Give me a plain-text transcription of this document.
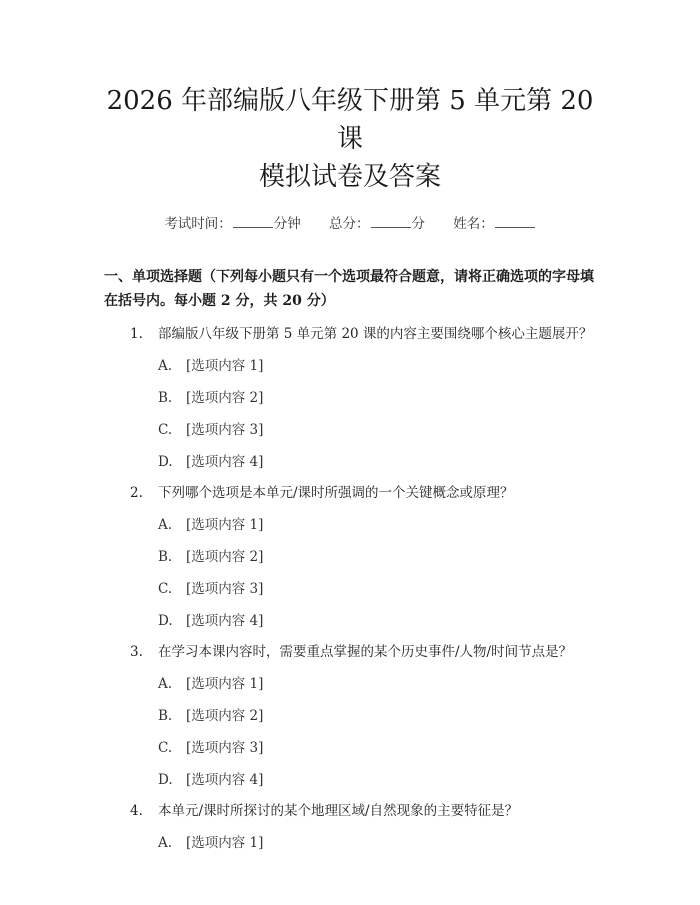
2026 年部编版八年级下册第 5 单元第 20 课
模拟试卷及答案
考试时间：	分钟 总分：	分 姓名：
一、单项选择题（下列每小题只有一个选项最符合题意，请将正确选项的字母填在括号内。每小题 2 分，共 20 分）
1.	部编版八年级下册第 5 单元第 20 课的内容主要围绕哪个核心主题展开？
A. [选项内容 1]
B. [选项内容 2]
C. [选项内容 3]
D. [选项内容 4]
2.	下列哪个选项是本单元/课时所强调的一个关键概念或原理？
A. [选项内容 1]
B. [选项内容 2]
C. [选项内容 3]
D. [选项内容 4]
3.	在学习本课内容时，需要重点掌握的某个历史事件/人物/时间节点是？
A. [选项内容 1]
B. [选项内容 2]
C. [选项内容 3]
D. [选项内容 4]
4.	本单元/课时所探讨的某个地理区域/自然现象的主要特征是？
A. [选项内容 1]
